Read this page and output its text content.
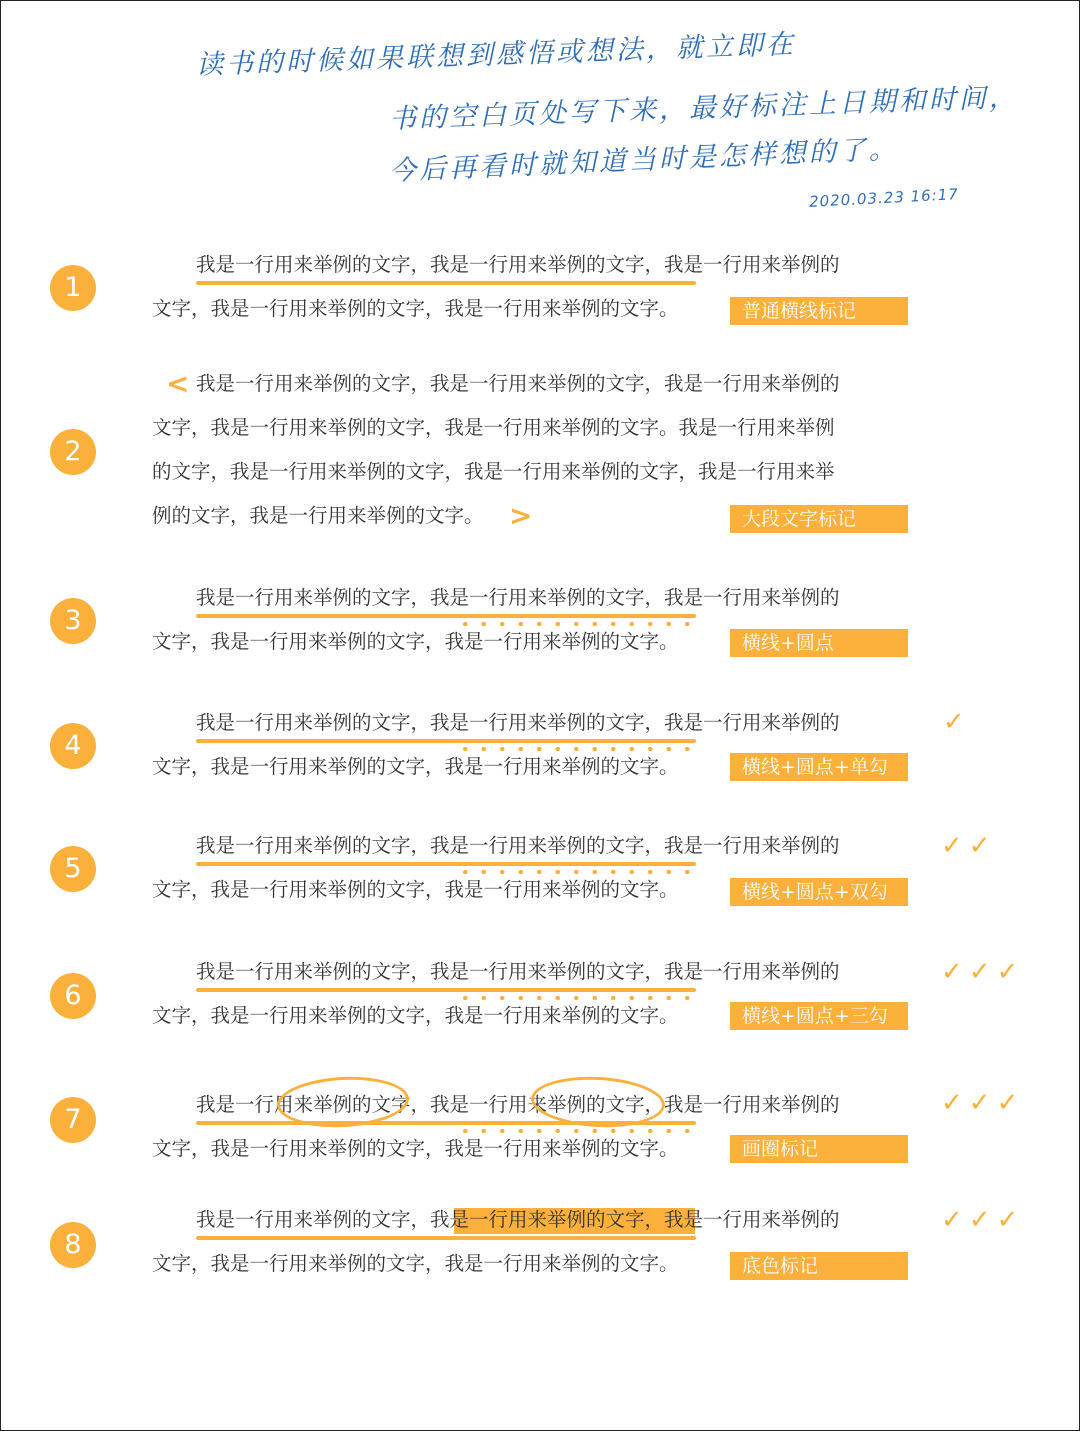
读书的时候如果联想到感悟或想法，就立即在
书的空白页处写下来，最好标注上日期和时间，
今后再看时就知道当时是怎样想的了。
2020.03.23 16:17
1
我是一行用来举例的文字，我是一行用来举例的文字，我是一行用来举例的
文字，我是一行用来举例的文字，我是一行用来举例的文字。	普通横线标记
2
< 我是一行用来举例的文字，我是一行用来举例的文字，我是一行用来举例的
文字，我是一行用来举例的文字，我是一行用来举例的文字。我是一行用来举例
的文字，我是一行用来举例的文字，我是一行用来举例的文字，我是一行用来举
例的文字，我是一行用来举例的文字。 >	大段文字标记
3
我是一行用来举例的文字，我是一行用来举例的文字，我是一行用来举例的
文字，我是一行用来举例的文字，我是一行用来举例的文字。	横线+圆点
4
我是一行用来举例的文字，我是一行用来举例的文字，我是一行用来举例的
文字，我是一行用来举例的文字，我是一行用来举例的文字。	横线+圆点+单勾
✓
5
我是一行用来举例的文字，我是一行用来举例的文字，我是一行用来举例的
文字，我是一行用来举例的文字，我是一行用来举例的文字。	横线+圆点+双勾
✓✓
6
我是一行用来举例的文字，我是一行用来举例的文字，我是一行用来举例的
文字，我是一行用来举例的文字，我是一行用来举例的文字。	横线+圆点+三勾
✓✓✓
7	我是一行用来举例的文字，我是一行用来举例的文字，我是一行用来举例的
文字，我是一行用来举例的文字，我是一行用来举例的文字。	画圈标记
✓✓✓
8
我是一行用来举例的文字，我是一行用来举例的文字，我是一行用来举例的
文字，我是一行用来举例的文字，我是一行用来举例的文字。	底色标记
✓✓✓
